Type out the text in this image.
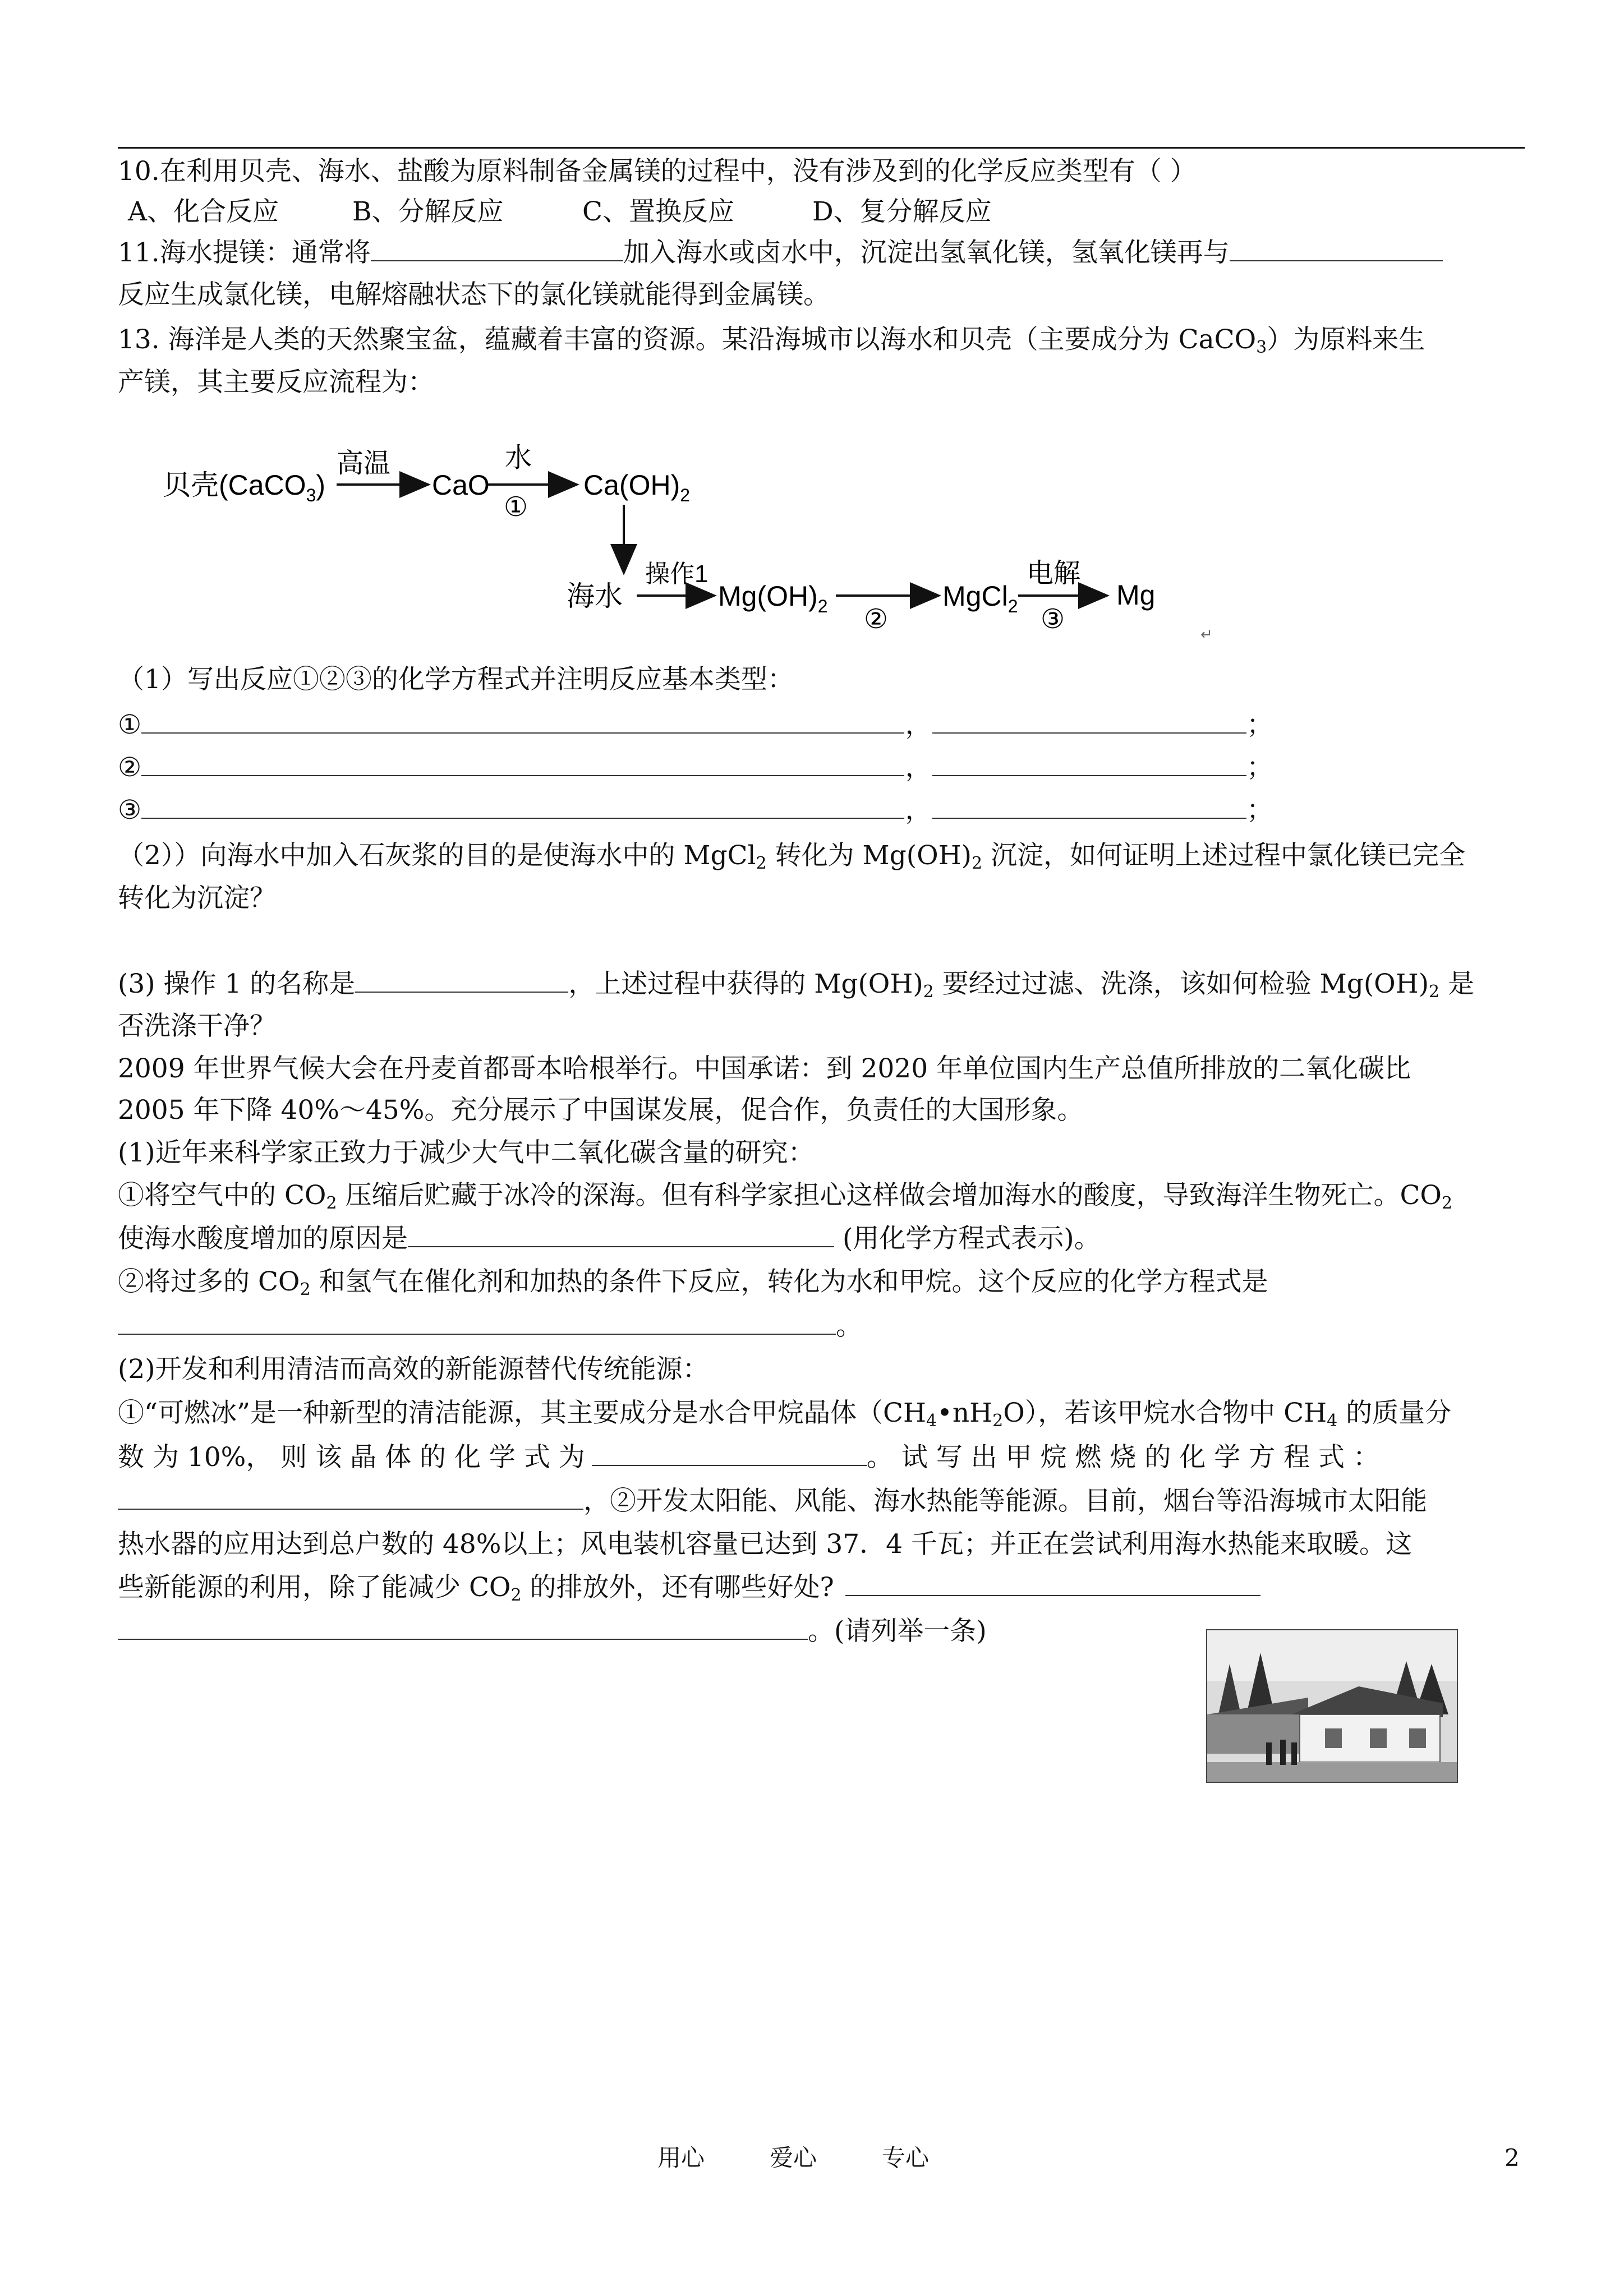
10.在利用贝壳、海水、盐酸为原料制备金属镁的过程中，没有涉及到的化学反应类型有（ ）
A、化合反应	B、分解反应	C、置换反应	D、复分解反应
11.海水提镁：通常将	加入海水或卤水中，沉淀出氢氧化镁，氢氧化镁再与
反应生成氯化镁，电解熔融状态下的氯化镁就能得到金属镁。
13. 海洋是人类的天然聚宝盆，蕴藏着丰富的资源。某沿海城市以海水和贝壳（主要成分为 CaCO$_3$）为原料来生
产镁，其主要反应流程为：
贝壳(CaCO$_3$)
高温
CaO
水
①
$Ca(OH)_2$
海水
操作1
$Mg(OH)_2$ ②
MgCl$_2$
电解
③
Mg
↵
（1）写出反应①②③的化学方程式并注明反应基本类型：
①	，	；
②	，	；
③	，	；
（2））向海水中加入石灰浆的目的是使海水中的 MgCl$_2$ 转化为 $Mg(OH)_2$ 沉淀，如何证明上述过程中氯化镁已完全
转化为沉淀？
(3) 操作 1 的名称是	，上述过程中获得的 $Mg(OH)_2$ 要经过过滤、洗涤，该如何检验 $Mg(OH)_2$ 是
否洗涤干净？
2009 年世界气候大会在丹麦首都哥本哈根举行。中国承诺：到 2020 年单位国内生产总值所排放的二氧化碳比
2005 年下降 40%～45%。充分展示了中国谋发展，促合作，负责任的大国形象。
(1)近年来科学家正致力于减少大气中二氧化碳含量的研究：
①将空气中的 $CO_2$ 压缩后贮藏于冰冷的深海。但有科学家担心这样做会增加海水的酸度，导致海洋生物死亡。$CO_2$
使海水酸度增加的原因是	(用化学方程式表示)。
②将过多的 $CO_2$ 和氢气在催化剂和加热的条件下反应，转化为水和甲烷。这个反应的化学方程式是
。
(2)开发和利用清洁而高效的新能源替代传统能源：
①“可燃冰”是一种新型的清洁能源，其主要成分是水合甲烷晶体$(CH_4•nH_2O)$，若该甲烷水合物中 $CH_4$ 的质量分
数 为 10%， 则 该 晶 体 的 化 学 式 为	。 试 写 出 甲 烷 燃 烧 的 化 学 方 程 式 ：
，②开发太阳能、风能、海水热能等能源。目前，烟台等沿海城市太阳能
热水器的应用达到总户数的 48%以上；风电装机容量已达到 37．4 千瓦；并正在尝试利用海水热能来取暖。这
些新能源的利用，除了能减少 $CO_2$ 的排放外，还有哪些好处?
。(请列举一条)
用心	爱心	专心	2
